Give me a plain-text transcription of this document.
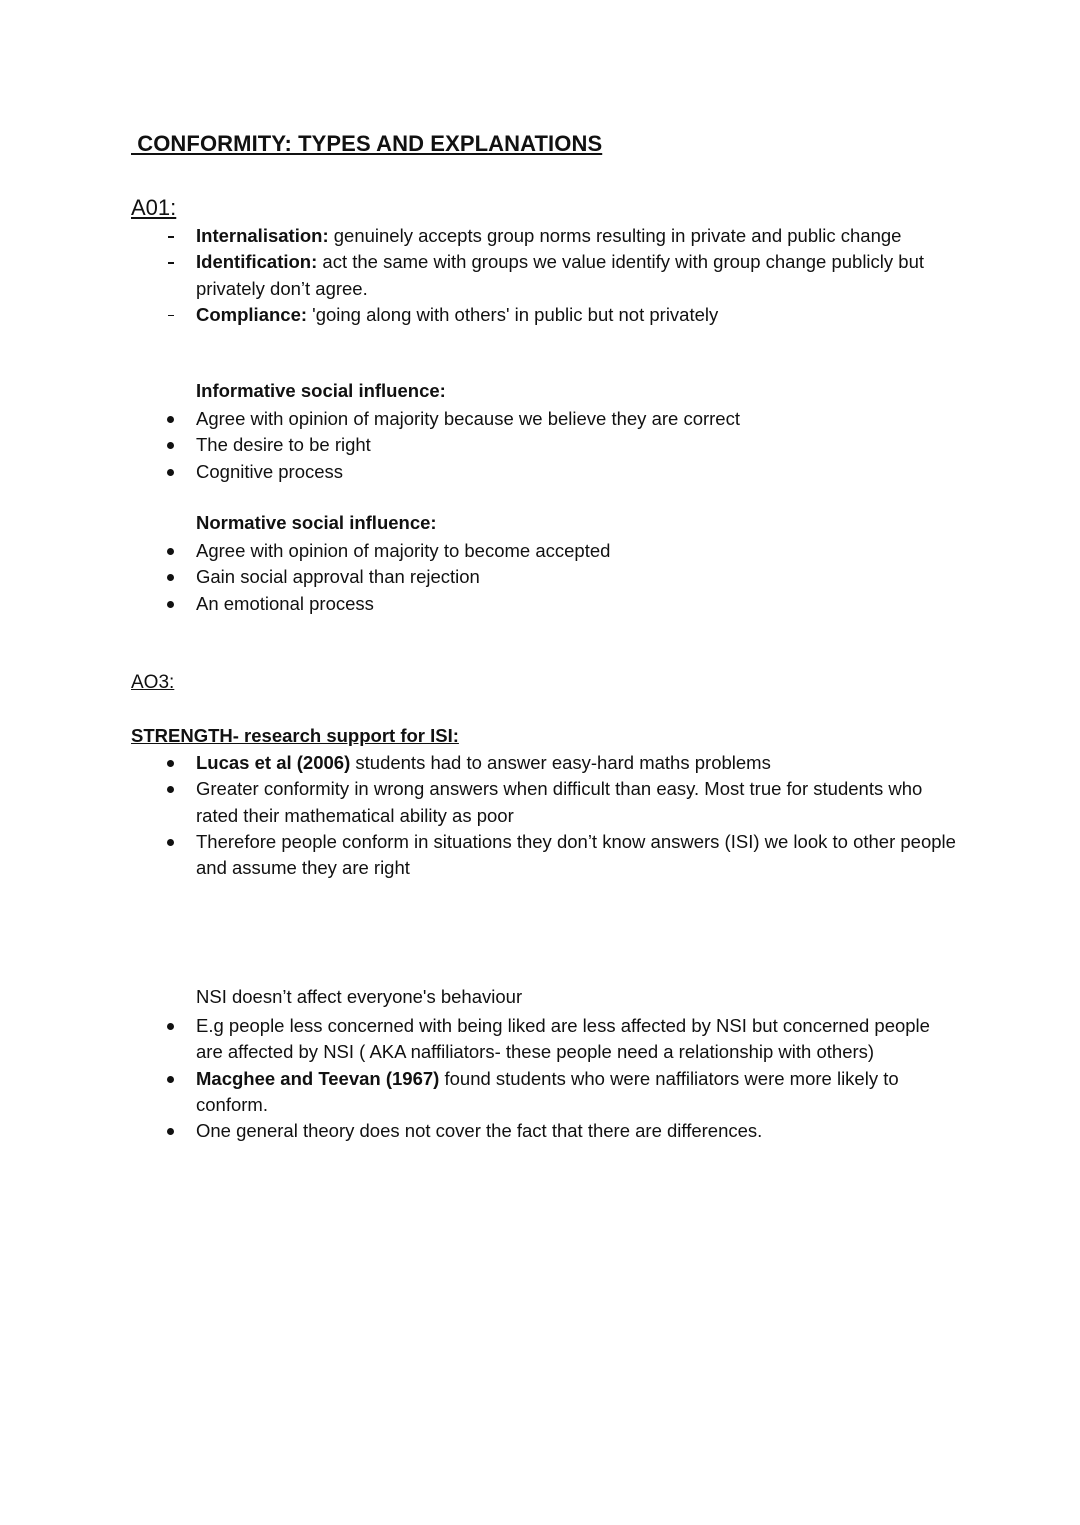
CONFORMITY: TYPES AND EXPLANATIONS
A01:
Internalisation: genuinely accepts group norms resulting in private and public change
Identification: act the same with groups we value identify with group change publicly but privately don’t agree.
Compliance: 'going along with others' in public but not privately
Informative social influence:
Agree with opinion of majority because we believe they are correct
The desire to be right
Cognitive process
Normative social influence:
Agree with opinion of majority to become accepted
Gain social approval than rejection
An emotional process
AO3:
STRENGTH- research support for ISI:
Lucas et al (2006) students had to answer easy-hard maths problems
Greater conformity in wrong answers when difficult than easy. Most true for students who rated their mathematical ability as poor
Therefore people conform in situations they don’t know answers (ISI) we look to other people and assume they are right
NSI doesn’t affect everyone's behaviour
E.g people less concerned with being liked are less affected by NSI but concerned people are affected by NSI ( AKA naffiliators- these people need a relationship with others)
Macghee and Teevan (1967) found students who were naffiliators were more likely to conform.
One general theory does not cover the fact that there are differences.
